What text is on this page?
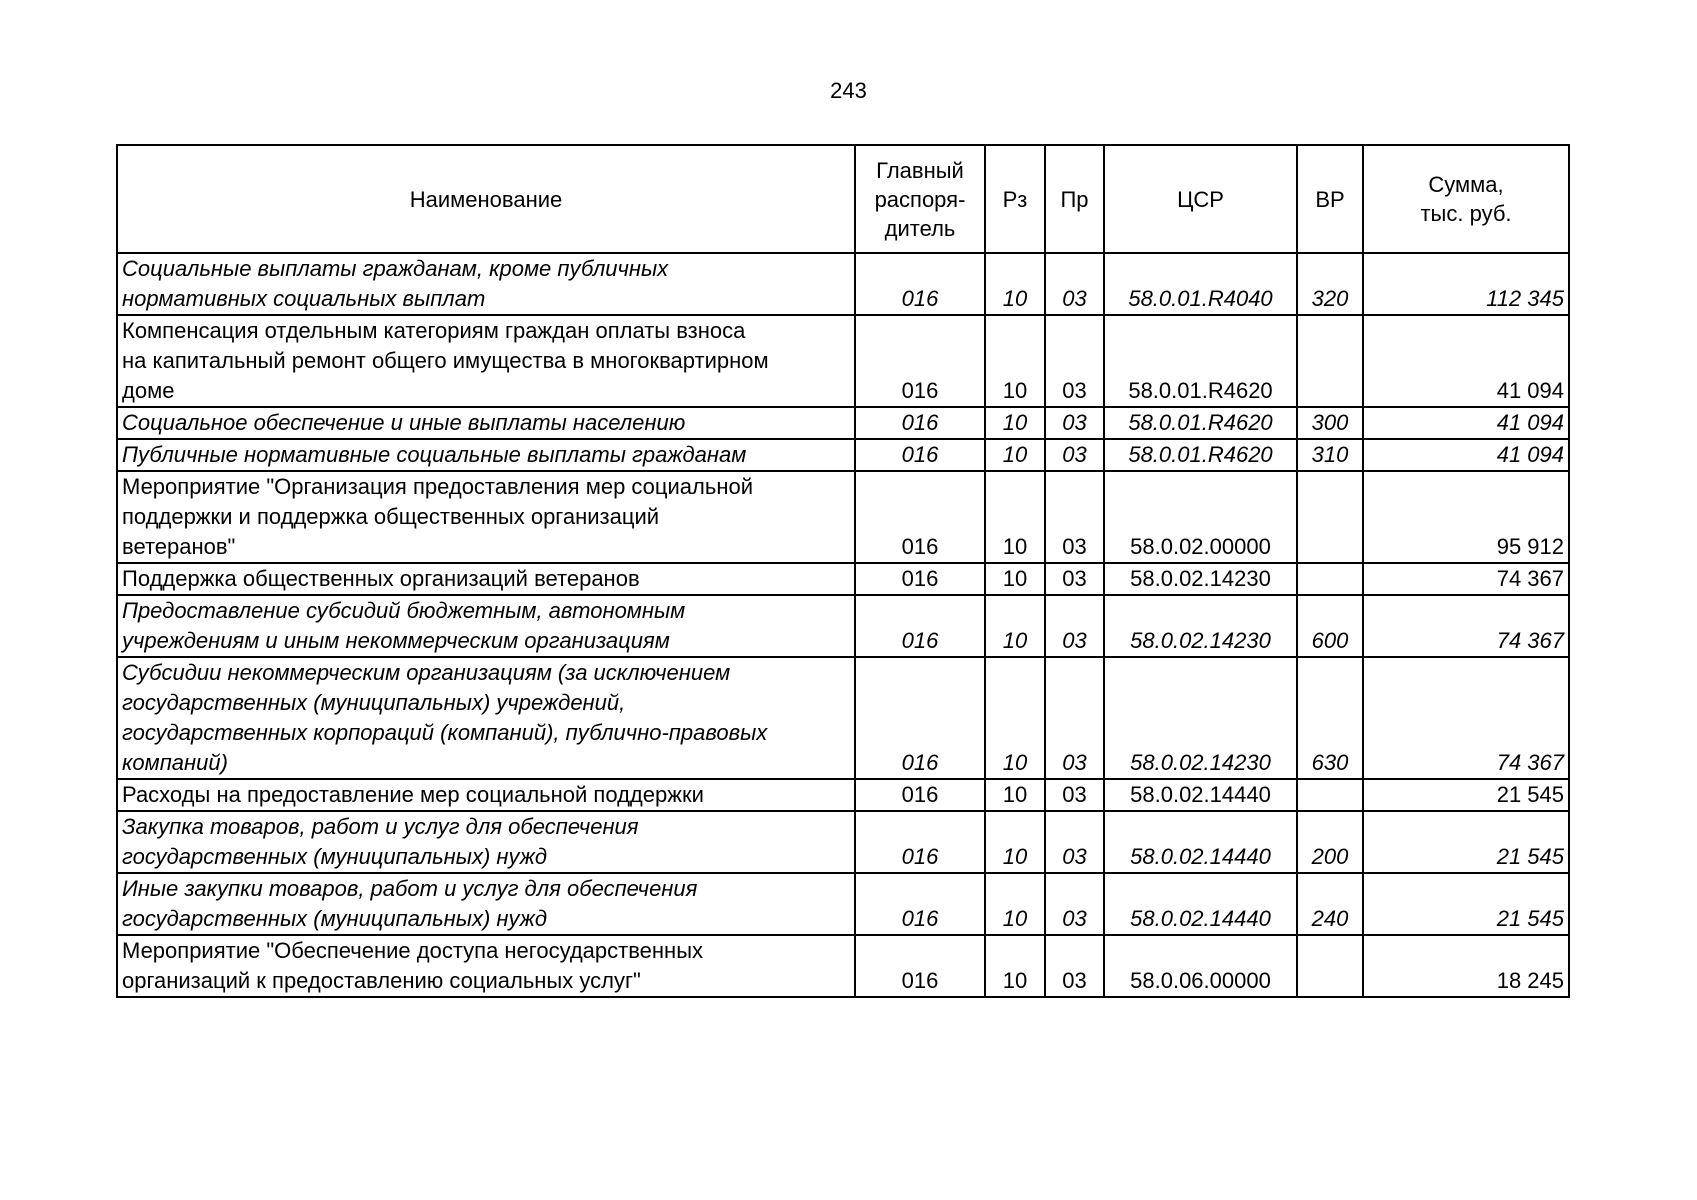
243
Наименование	Главный
распоря-
дитель	Рз	Пр	ЦСР	ВР	Сумма,
тыс. руб.
Социальные выплаты гражданам, кроме публичных
нормативных социальных выплат	016	10	03	58.0.01.R4040	320	112 345
Компенсация отдельным категориям граждан оплаты взноса
на капитальный ремонт общего имущества в многоквартирном
доме	016	10	03	58.0.01.R4620		41 094
Социальное обеспечение и иные выплаты населению	016	10	03	58.0.01.R4620	300	41 094
Публичные нормативные социальные выплаты гражданам	016	10	03	58.0.01.R4620	310	41 094
Мероприятие "Организация предоставления мер социальной
поддержки и поддержка общественных организаций
ветеранов"	016	10	03	58.0.02.00000		95 912
Поддержка общественных организаций ветеранов	016	10	03	58.0.02.14230		74 367
Предоставление субсидий бюджетным, автономным
учреждениям и иным некоммерческим организациям	016	10	03	58.0.02.14230	600	74 367
Субсидии некоммерческим организациям (за исключением
государственных (муниципальных) учреждений,
государственных корпораций (компаний), публично-правовых
компаний)	016	10	03	58.0.02.14230	630	74 367
Расходы на предоставление мер социальной поддержки	016	10	03	58.0.02.14440		21 545
Закупка товаров, работ и услуг для обеспечения
государственных (муниципальных) нужд	016	10	03	58.0.02.14440	200	21 545
Иные закупки товаров, работ и услуг для обеспечения
государственных (муниципальных) нужд	016	10	03	58.0.02.14440	240	21 545
Мероприятие "Обеспечение доступа негосударственных
организаций к предоставлению социальных услуг"	016	10	03	58.0.06.00000		18 245
